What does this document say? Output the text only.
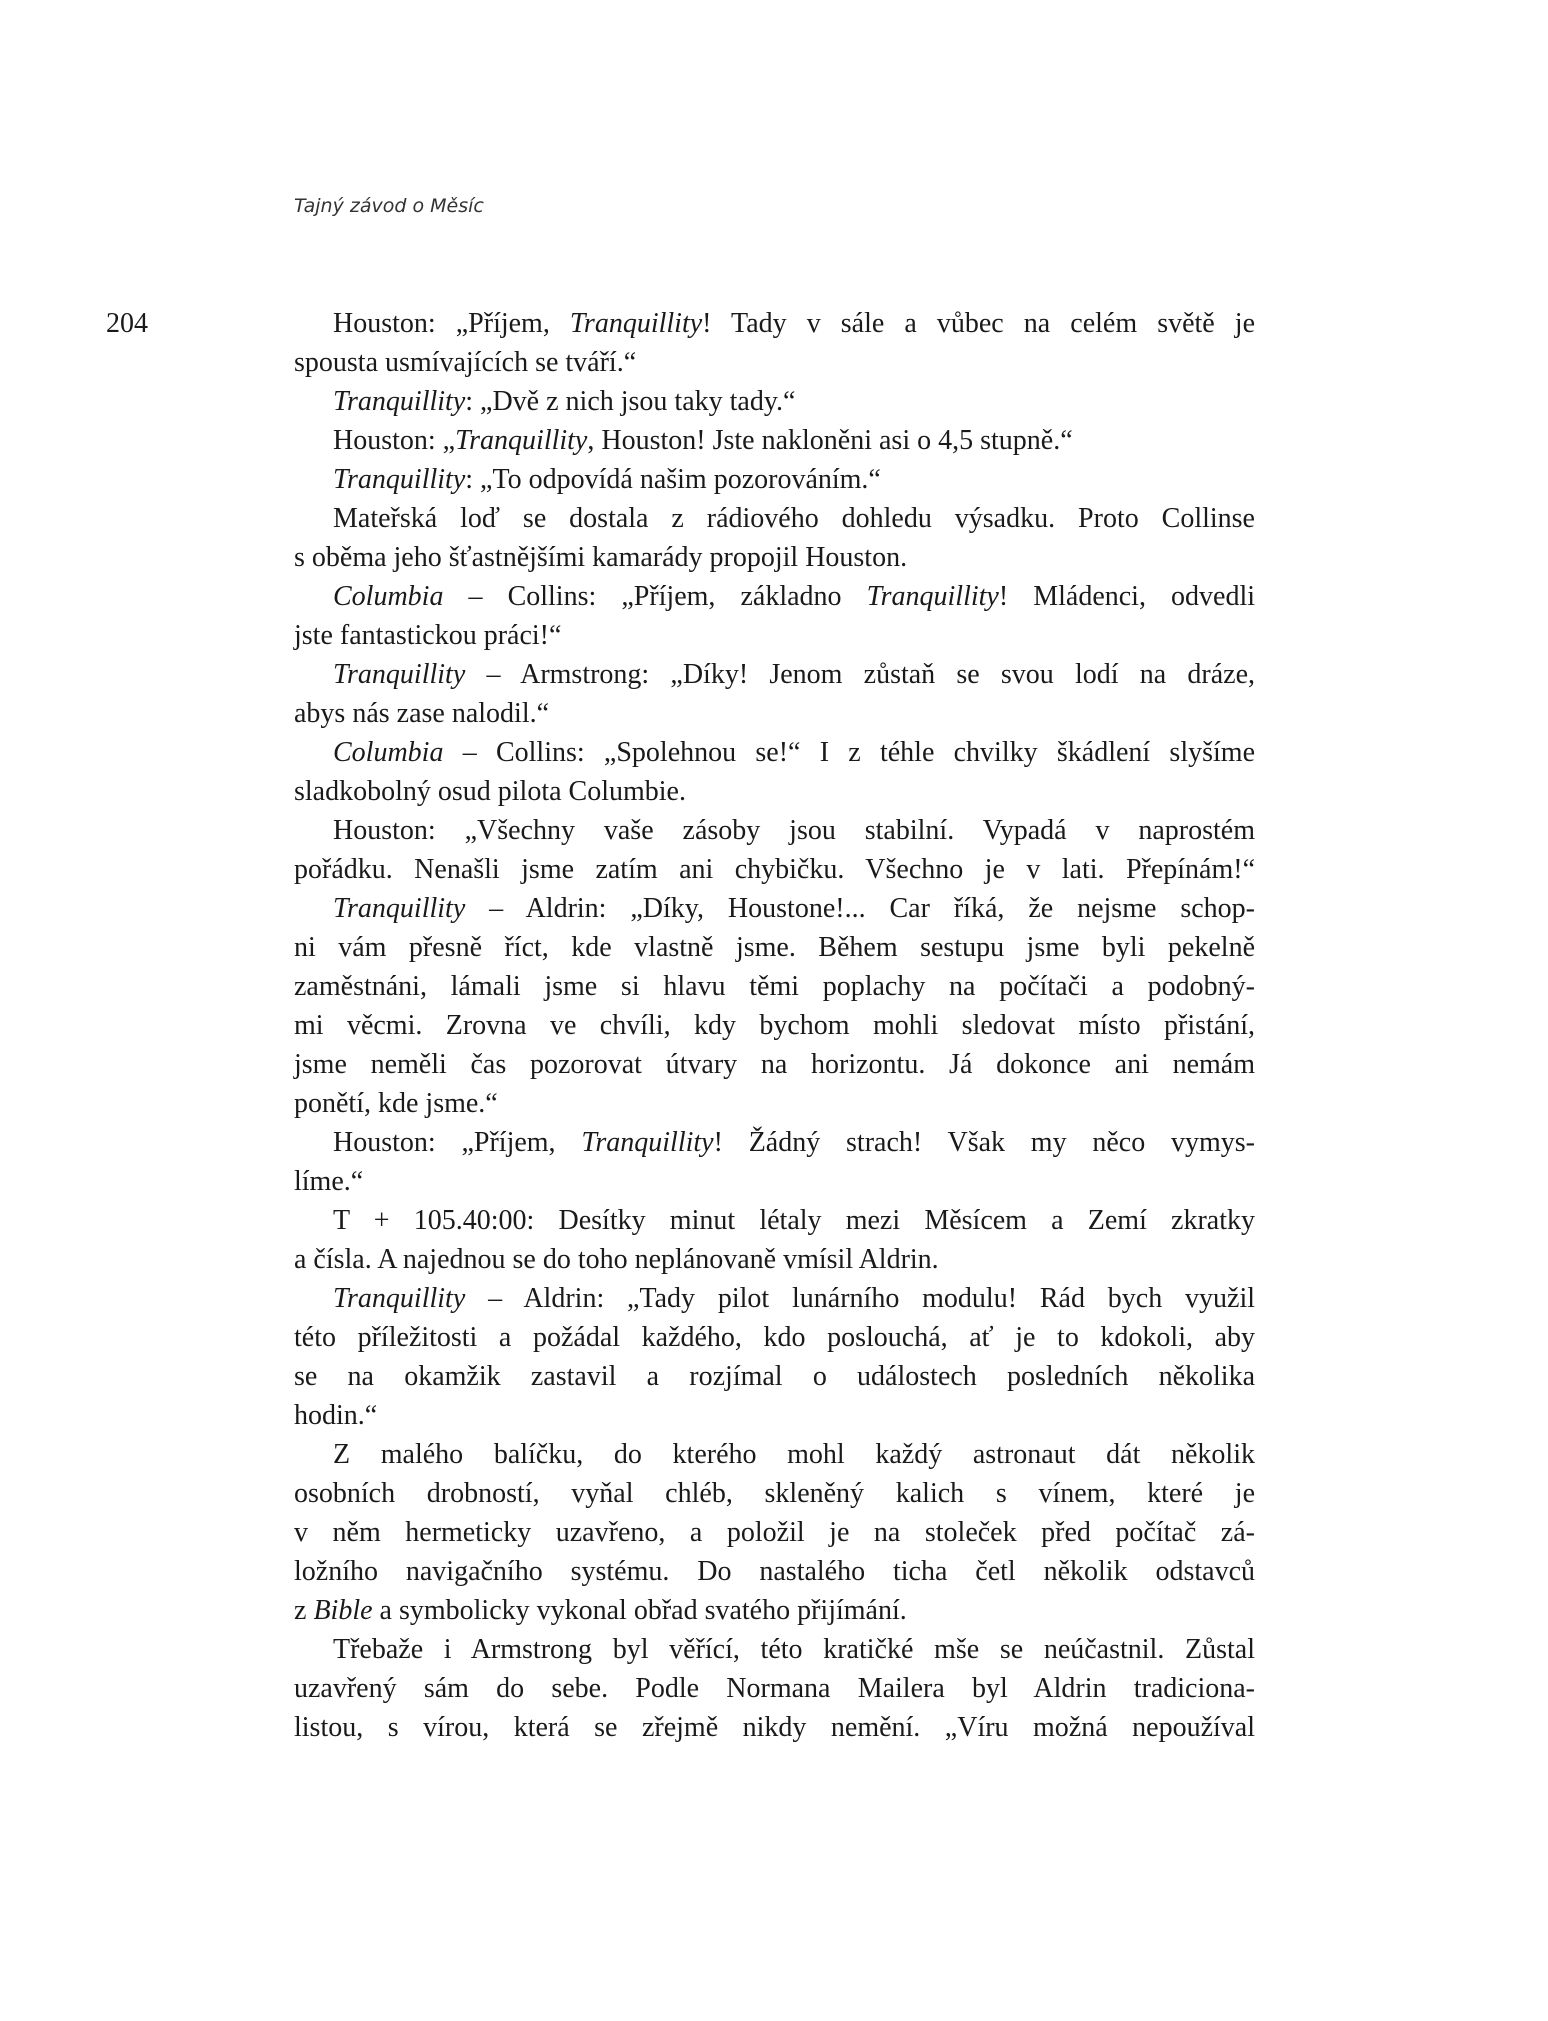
Tajný závod o Měsíc
204	Houston: „Příjem, Tranquillity! Tady v sále a vůbec na celém světě je
spousta usmívajících se tváří.“
Tranquillity: „Dvě z nich jsou taky tady.“
Houston: „Tranquillity, Houston! Jste nakloněni asi o 4,5 stupně.“
Tranquillity: „To odpovídá našim pozorováním.“
Mateřská loď se dostala z rádiového dohledu výsadku. Proto Collinse
s oběma jeho šťastnějšími kamarády propojil Houston.
Columbia – Collins: „Příjem, základno Tranquillity! Mládenci, odvedli
jste fantastickou práci!“
Tranquillity – Armstrong: „Díky! Jenom zůstaň se svou lodí na dráze,
abys nás zase nalodil.“
Columbia – Collins: „Spolehnou se!“ I z téhle chvilky škádlení slyšíme
sladkobolný osud pilota Columbie.
Houston: „Všechny vaše zásoby jsou stabilní. Vypadá v naprostém
pořádku. Nenašli jsme zatím ani chybičku. Všechno je v lati. Přepínám!“
Tranquillity – Aldrin: „Díky, Houstone!... Car říká, že nejsme schop-
ni vám přesně říct, kde vlastně jsme. Během sestupu jsme byli pekelně
zaměstnáni, lámali jsme si hlavu těmi poplachy na počítači a podobný-
mi věcmi. Zrovna ve chvíli, kdy bychom mohli sledovat místo přistání,
jsme neměli čas pozorovat útvary na horizontu. Já dokonce ani nemám
ponětí, kde jsme.“
Houston: „Příjem, Tranquillity! Žádný strach! Však my něco vymys-
líme.“
T + 105.40:00: Desítky minut létaly mezi Měsícem a Zemí zkratky
a čísla. A najednou se do toho neplánovaně vmísil Aldrin.
Tranquillity – Aldrin: „Tady pilot lunárního modulu! Rád bych využil
této příležitosti a požádal každého, kdo poslouchá, ať je to kdokoli, aby
se na okamžik zastavil a rozjímal o událostech posledních několika
hodin.“
Z malého balíčku, do kterého mohl každý astronaut dát několik
osobních drobností, vyňal chléb, skleněný kalich s vínem, které je
v něm hermeticky uzavřeno, a položil je na stoleček před počítač zá-
ložního navigačního systému. Do nastalého ticha četl několik odstavců
z Bible a symbolicky vykonal obřad svatého přijímání.
Třebaže i Armstrong byl věřící, této kratičké mše se neúčastnil. Zůstal
uzavřený sám do sebe. Podle Normana Mailera byl Aldrin tradiciona-
listou, s vírou, která se zřejmě nikdy nemění. „Víru možná nepoužíval
